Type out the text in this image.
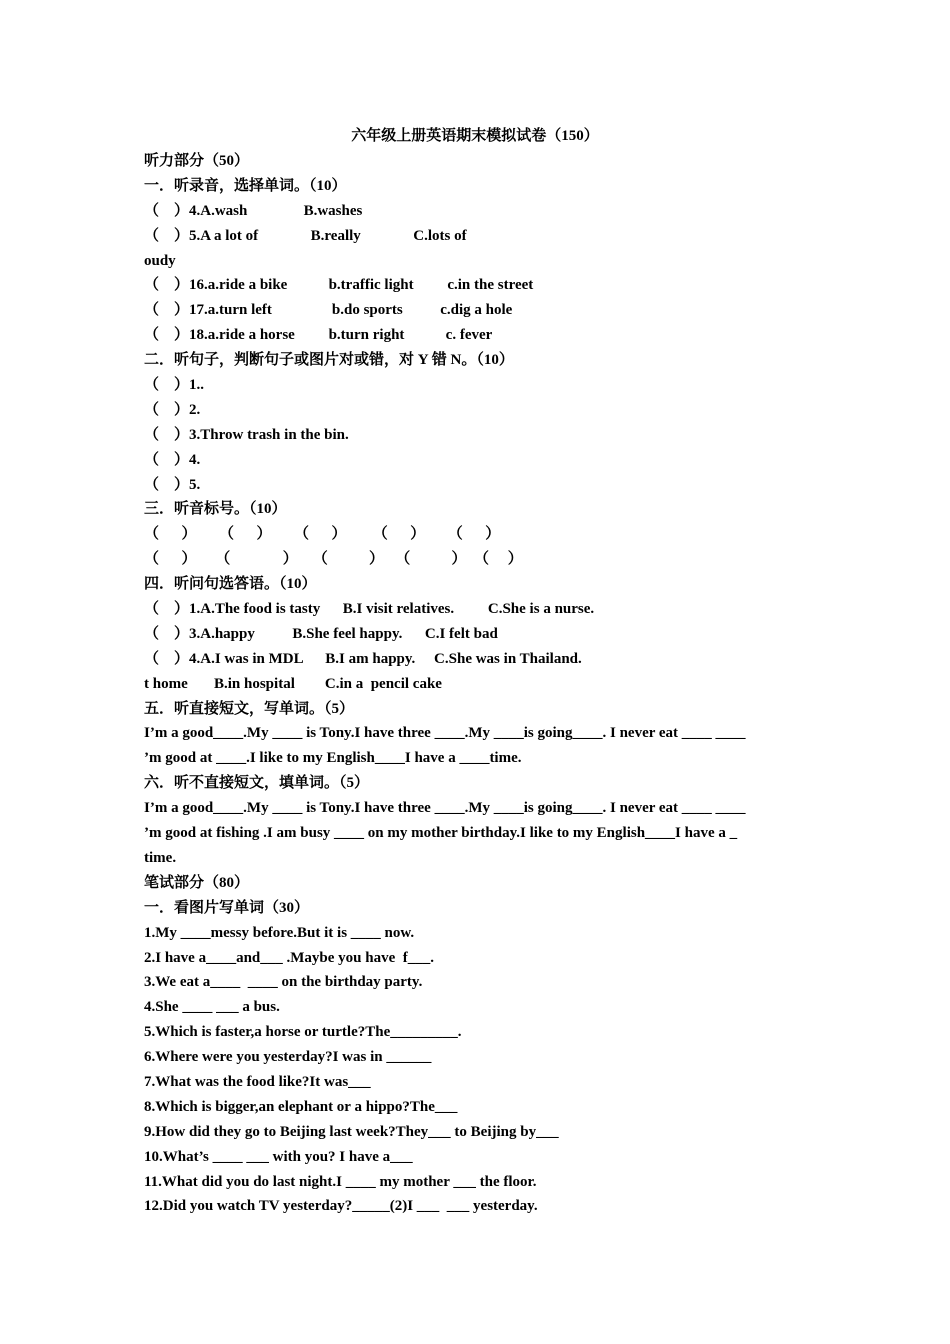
六年级上册英语期末模拟试卷（150）
听力部分（50）
一．听录音，选择单词。（10）
（    ）4.A.wash               B.washes
（    ）5.A a lot of              B.really              C.lots of
oudy
（    ）16.a.ride a bike           b.traffic light         c.in the street
（    ）17.a.turn left                b.do sports          c.dig a hole
（    ）18.a.ride a horse         b.turn right           c. fever
二．听句子，判断句子或图片对或错，对 Y 错 N。（10）
（    ）1..
（    ）2.
（    ）3.Throw trash in the bin.
（    ）4.
（    ）5.
三．听音标号。（10）
（      ）      （      ）      （      ）       （      ）      （      ）
（      ）     （              ）    （           ）   （           ）  （     ）
四．听问句选答语。（10）
（    ）1.A.The food is tasty      B.I visit relatives.         C.She is a nurse.
（    ）3.A.happy          B.She feel happy.      C.I felt bad
（    ）4.A.I was in MDL      B.I am happy.     C.She was in Thailand.
t home       B.in hospital        C.in a  pencil cake
五．听直接短文，写单词。（5）
I’m a good____.My ____ is Tony.I have three ____.My ____is going____. I never eat ____ ____
’m good at ____.I like to my English____I have a ____time.
六．听不直接短文，填单词。（5）
I’m a good____.My ____ is Tony.I have three ____.My ____is going____. I never eat ____ ____
’m good at fishing .I am busy ____ on my mother birthday.I like to my English____I have a _
time.
笔试部分（80）
一．看图片写单词（30）
1.My ____messy before.But it is ____ now.
2.I have a____and___ .Maybe you have  f___.
3.We eat a____  ____ on the birthday party.
4.She ____ ___ a bus.
5.Which is faster,a horse or turtle?The_________.
6.Where were you yesterday?I was in ______
7.What was the food like?It was___
8.Which is bigger,an elephant or a hippo?The___
9.How did they go to Beijing last week?They___ to Beijing by___
10.What’s ____ ___ with you? I have a___
11.What did you do last night.I ____ my mother ___ the floor.
12.Did you watch TV yesterday?_____(2)I ___  ___ yesterday.
